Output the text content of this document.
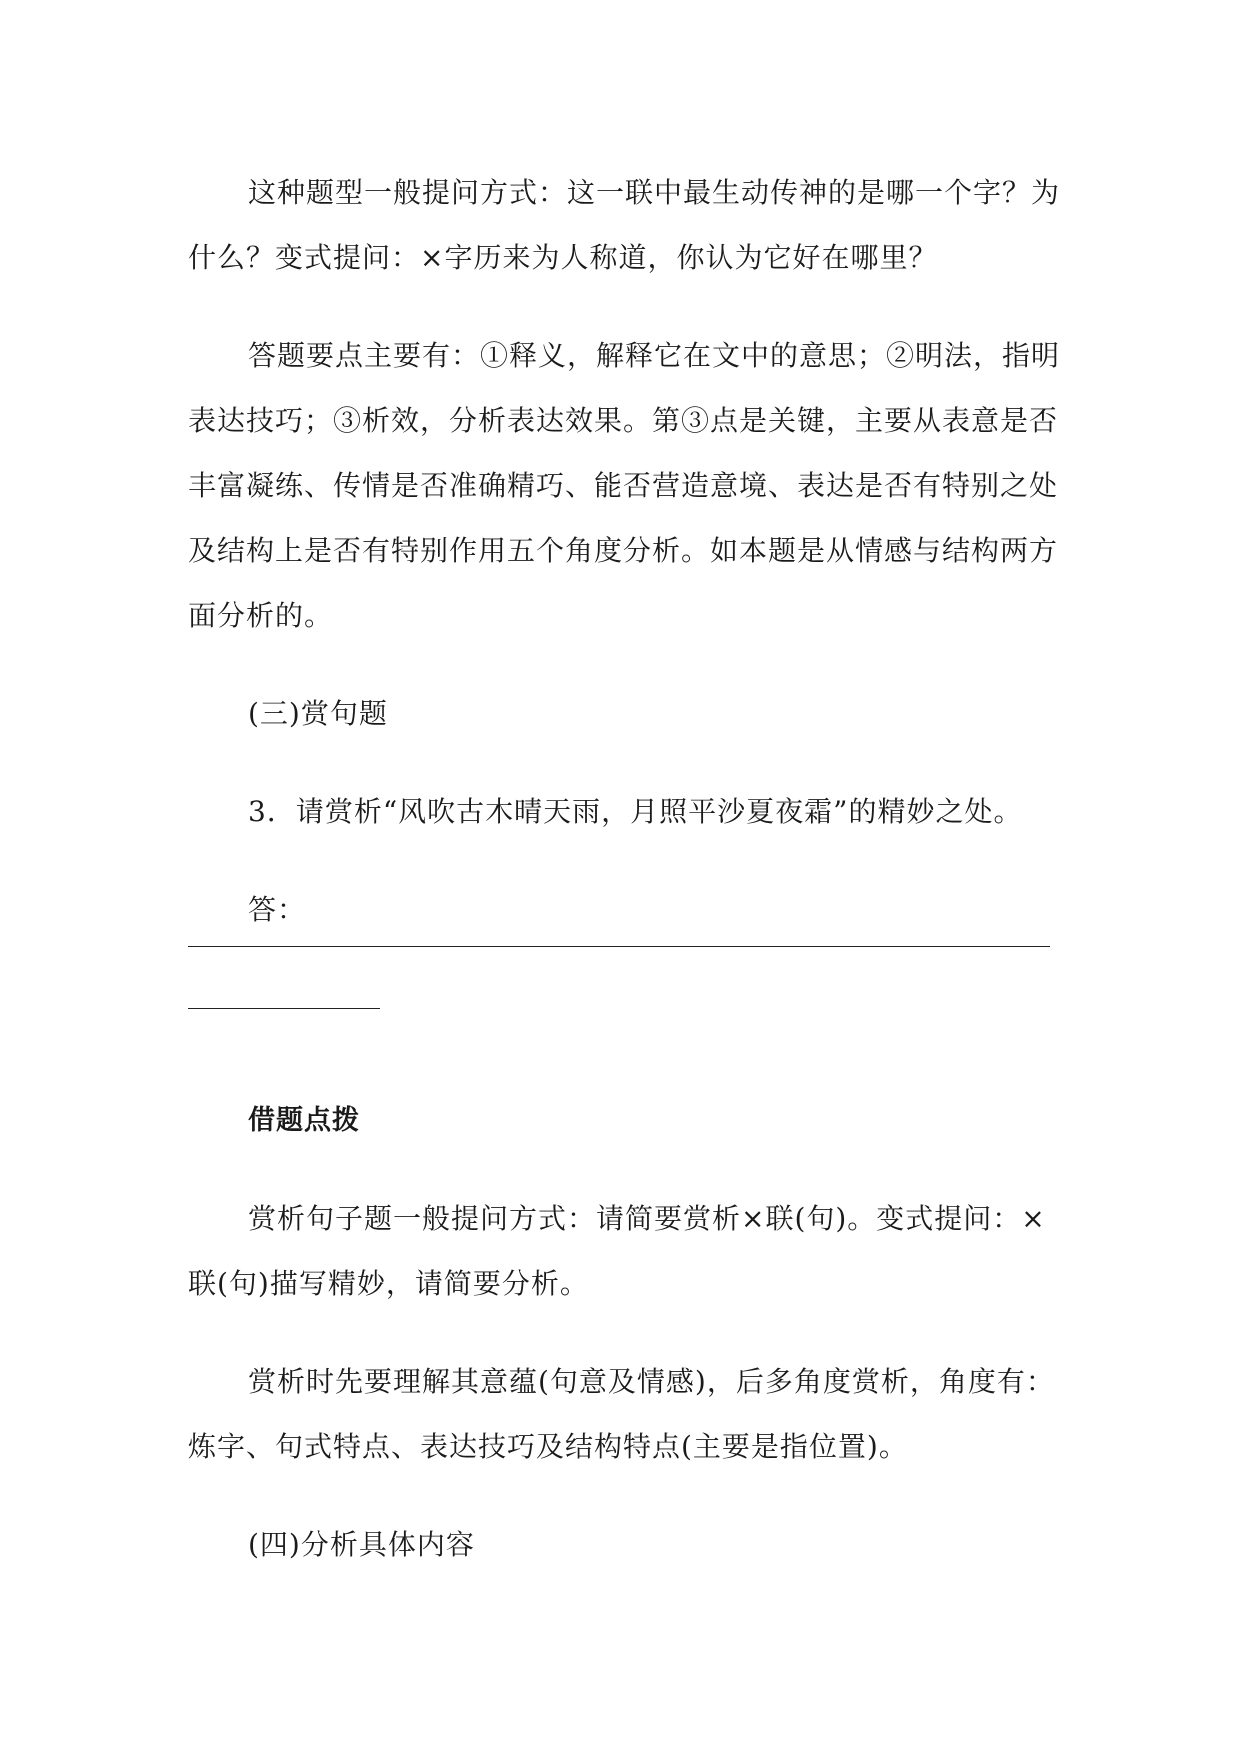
这种题型一般提问方式：这一联中最生动传神的是哪一个字？为什么？变式提问：×字历来为人称道，你认为它好在哪里？

答题要点主要有：①释义，解释它在文中的意思；②明法，指明表达技巧；③析效，分析表达效果。第③点是关键，主要从表意是否丰富凝练、传情是否准确精巧、能否营造意境、表达是否有特别之处及结构上是否有特别作用五个角度分析。如本题是从情感与结构两方面分析的。

(三)赏句题

3．请赏析“风吹古木晴天雨，月照平沙夏夜霜”的精妙之处。

答：

借题点拨

赏析句子题一般提问方式：请简要赏析×联(句)。变式提问：×联(句)描写精妙，请简要分析。

赏析时先要理解其意蕴(句意及情感)，后多角度赏析，角度有：炼字、句式特点、表达技巧及结构特点(主要是指位置)。

(四)分析具体内容
